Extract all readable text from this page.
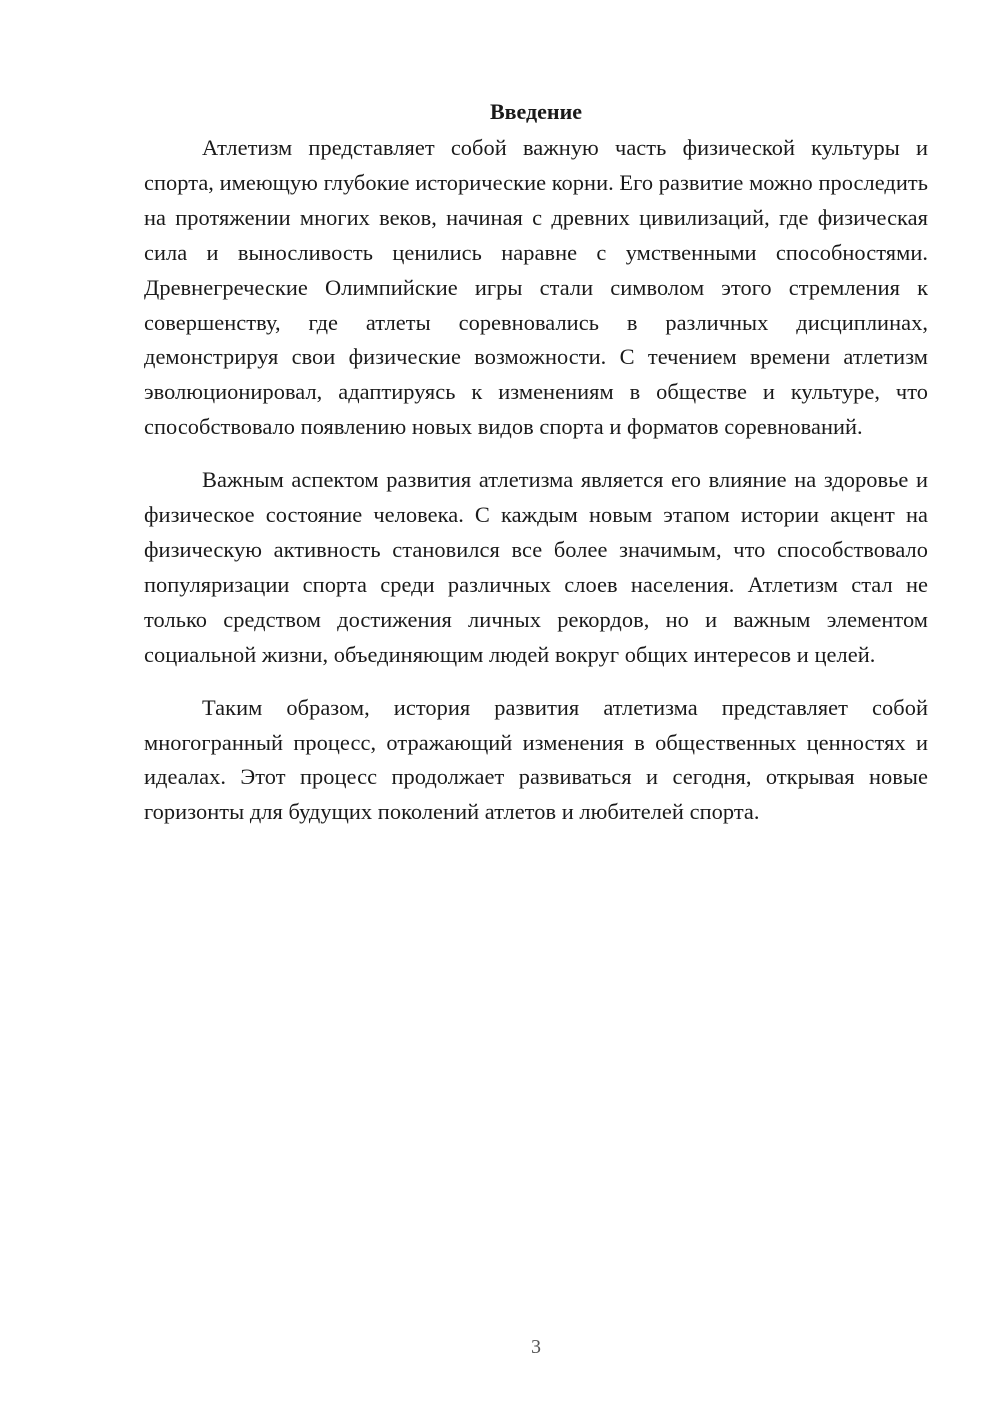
Введение

Атлетизм представляет собой важную часть физической культуры и спорта, имеющую глубокие исторические корни. Его развитие можно проследить на протяжении многих веков, начиная с древних цивилизаций, где физическая сила и выносливость ценились наравне с умственными способностями. Древнегреческие Олимпийские игры стали символом этого стремления к совершенству, где атлеты соревновались в различных дисциплинах, демонстрируя свои физические возможности. С течением времени атлетизм эволюционировал, адаптируясь к изменениям в обществе и культуре, что способствовало появлению новых видов спорта и форматов соревнований.

Важным аспектом развития атлетизма является его влияние на здоровье и физическое состояние человека. С каждым новым этапом истории акцент на физическую активность становился все более значимым, что способствовало популяризации спорта среди различных слоев населения. Атлетизм стал не только средством достижения личных рекордов, но и важным элементом социальной жизни, объединяющим людей вокруг общих интересов и целей.

Таким образом, история развития атлетизма представляет собой многогранный процесс, отражающий изменения в общественных ценностях и идеалах. Этот процесс продолжает развиваться и сегодня, открывая новые горизонты для будущих поколений атлетов и любителей спорта.

3
